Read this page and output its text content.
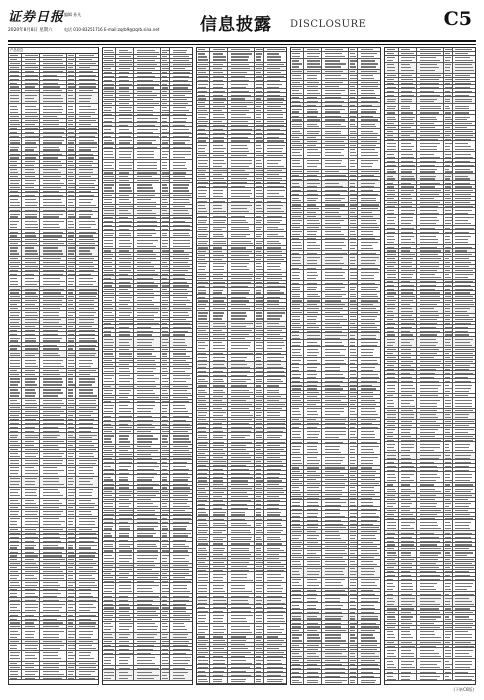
证券日报
2020年8月8日 星期六
编辑 孙凡
电话 010-83251716 E-mail:zqrb9@zqrb.sina.net 信息披露 DISCLOSURE	C5
产品信息
(下转C6版)
